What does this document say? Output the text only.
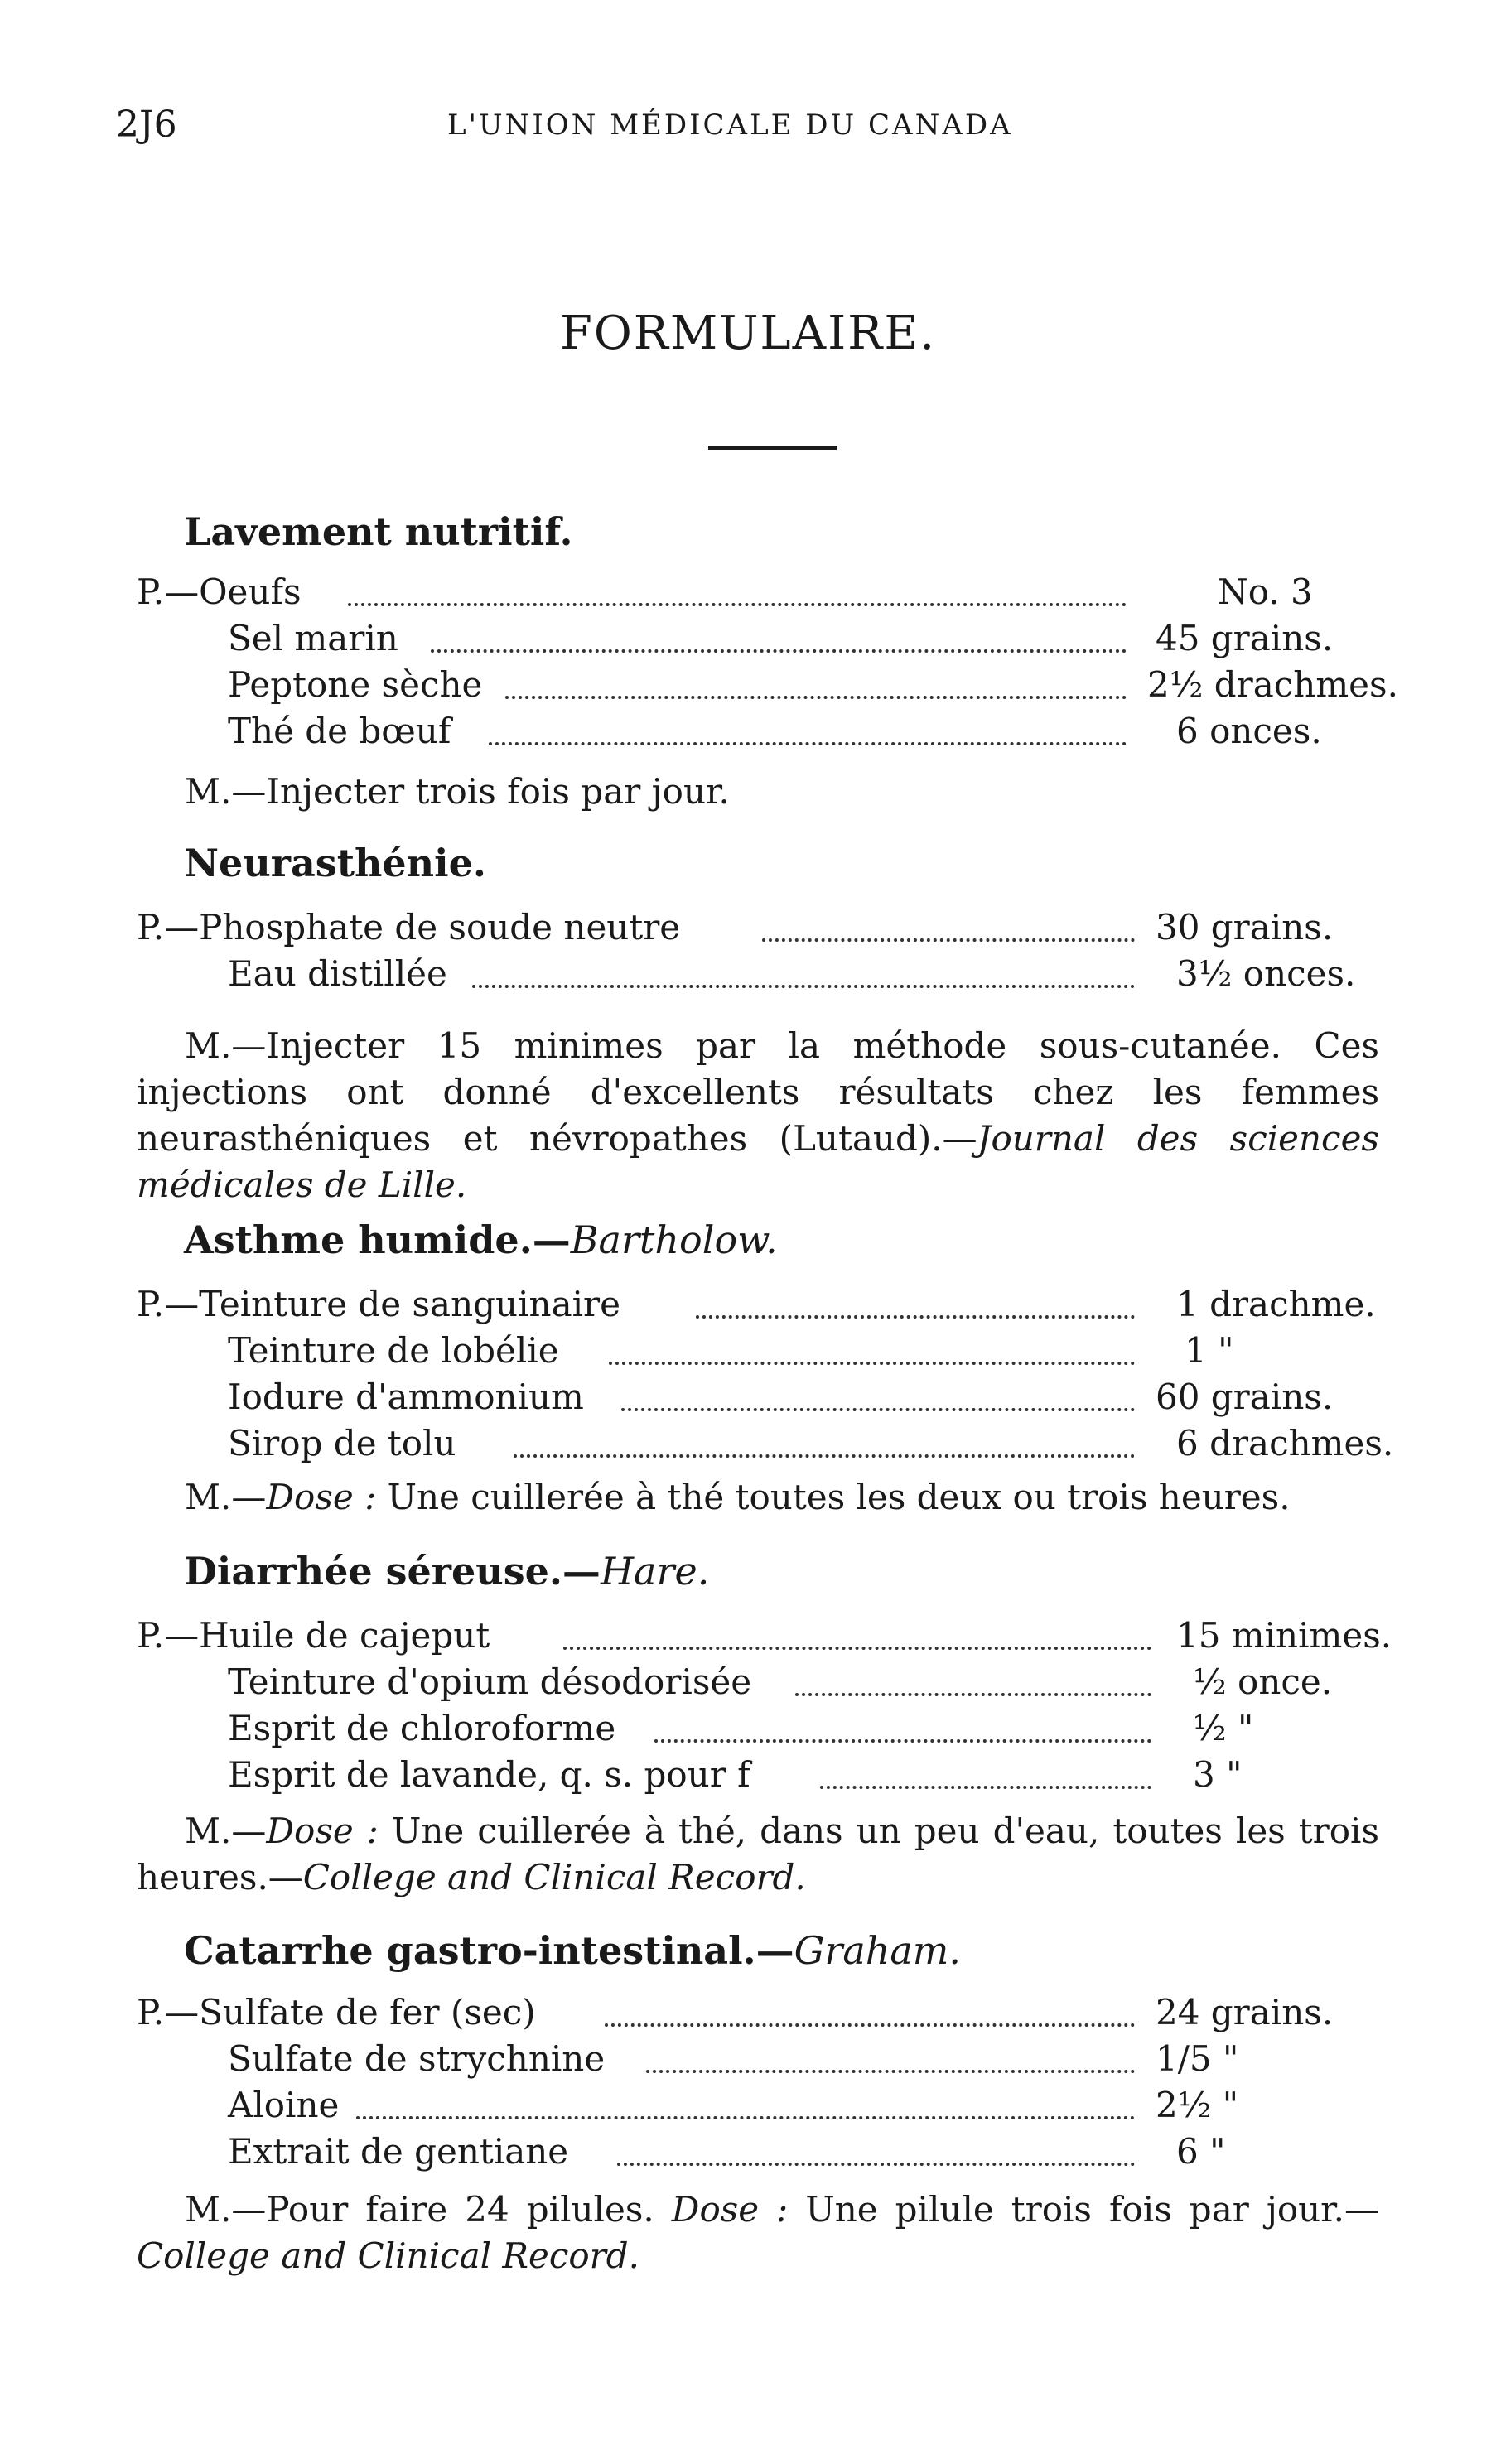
2J6	L'UNION MÉDICALE DU CANADA
FORMULAIRE.
Lavement nutritif.
P.—Oeufs	No. 3
Sel marin	45 grains.
Peptone sèche	2½ drachmes.
Thé de bœuf	6 onces.

M.—Injecter trois fois par jour.

Neurasthénie.
P.—Phosphate de soude neutre	30 grains.
Eau distillée	3½ onces.

M.—Injecter 15 minimes par la méthode sous-cutanée. Ces injections ont donné d'excellents résultats chez les femmes neurasthéniques et névropathes (Lutaud).—Journal des sciences médicales de Lille.

Asthme humide.—Bartholow.
P.—Teinture de sanguinaire	1 drachme.
Teinture de lobélie	1 "
Iodure d'ammonium	60 grains.
Sirop de tolu	6 drachmes.

M.—Dose : Une cuillerée à thé toutes les deux ou trois heures.

Diarrhée séreuse.—Hare.
P.—Huile de cajeput	15 minimes.
Teinture d'opium désodorisée	½ once.
Esprit de chloroforme	½ "
Esprit de lavande, q. s. pour f	3 "

M.—Dose : Une cuillerée à thé, dans un peu d'eau, toutes les trois heures.—College and Clinical Record.

Catarrhe gastro-intestinal.—Graham.
P.—Sulfate de fer (sec)	24 grains.
Sulfate de strychnine	1/5 "
Aloine	2½ "
Extrait de gentiane	6 "

M.—Pour faire 24 pilules. Dose : Une pilule trois fois par jour.—College and Clinical Record.
